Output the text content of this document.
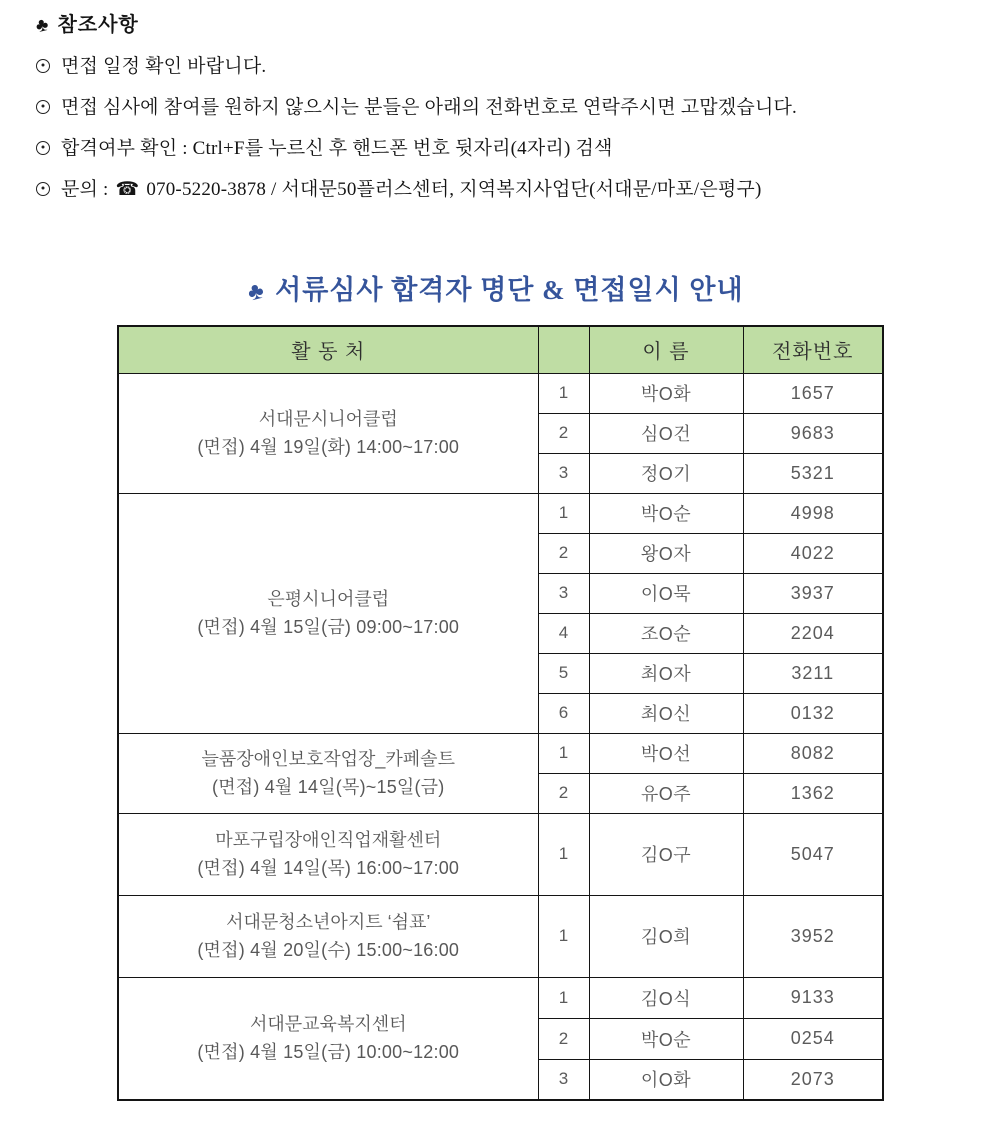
♣ 참조사항
면접 일정 확인 바랍니다.
면접 심사에 참여를 원하지 않으시는 분들은 아래의 전화번호로 연락주시면 고맙겠습니다.
합격여부 확인 : Ctrl+F를 누르신 후 핸드폰 번호 뒷자리(4자리) 검색
문의 : ☎ 070-5220-3878 / 서대문50플러스센터, 지역복지사업단(서대문/마포/은평구)
♣ 서류심사 합격자 명단 & 면접일시 안내
활 동 처		이 름	전화번호

서대문시니어클럽
(면접) 4월 19일(화) 14:00~17:00	1	박O화	1657
	2	심O건	9683
	3	정O기	5321

은평시니어클럽
(면접) 4월 15일(금) 09:00~17:00	1	박O순	4998
	2	왕O자	4022
	3	이O묵	3937
	4	조O순	2204
	5	최O자	3211
	6	최O신	0132

늘품장애인보호작업장_카페솔트
(면접) 4월 14일(목)~15일(금)	1	박O선	8082
	2	유O주	1362

마포구립장애인직업재활센터
(면접) 4월 14일(목) 16:00~17:00	1	김O구	5047

서대문청소년아지트 ‘쉼표’
(면접) 4월 20일(수) 15:00~16:00	1	김O희	3952

서대문교육복지센터
(면접) 4월 15일(금) 10:00~12:00	1	김O식	9133
	2	박O순	0254
	3	이O화	2073
